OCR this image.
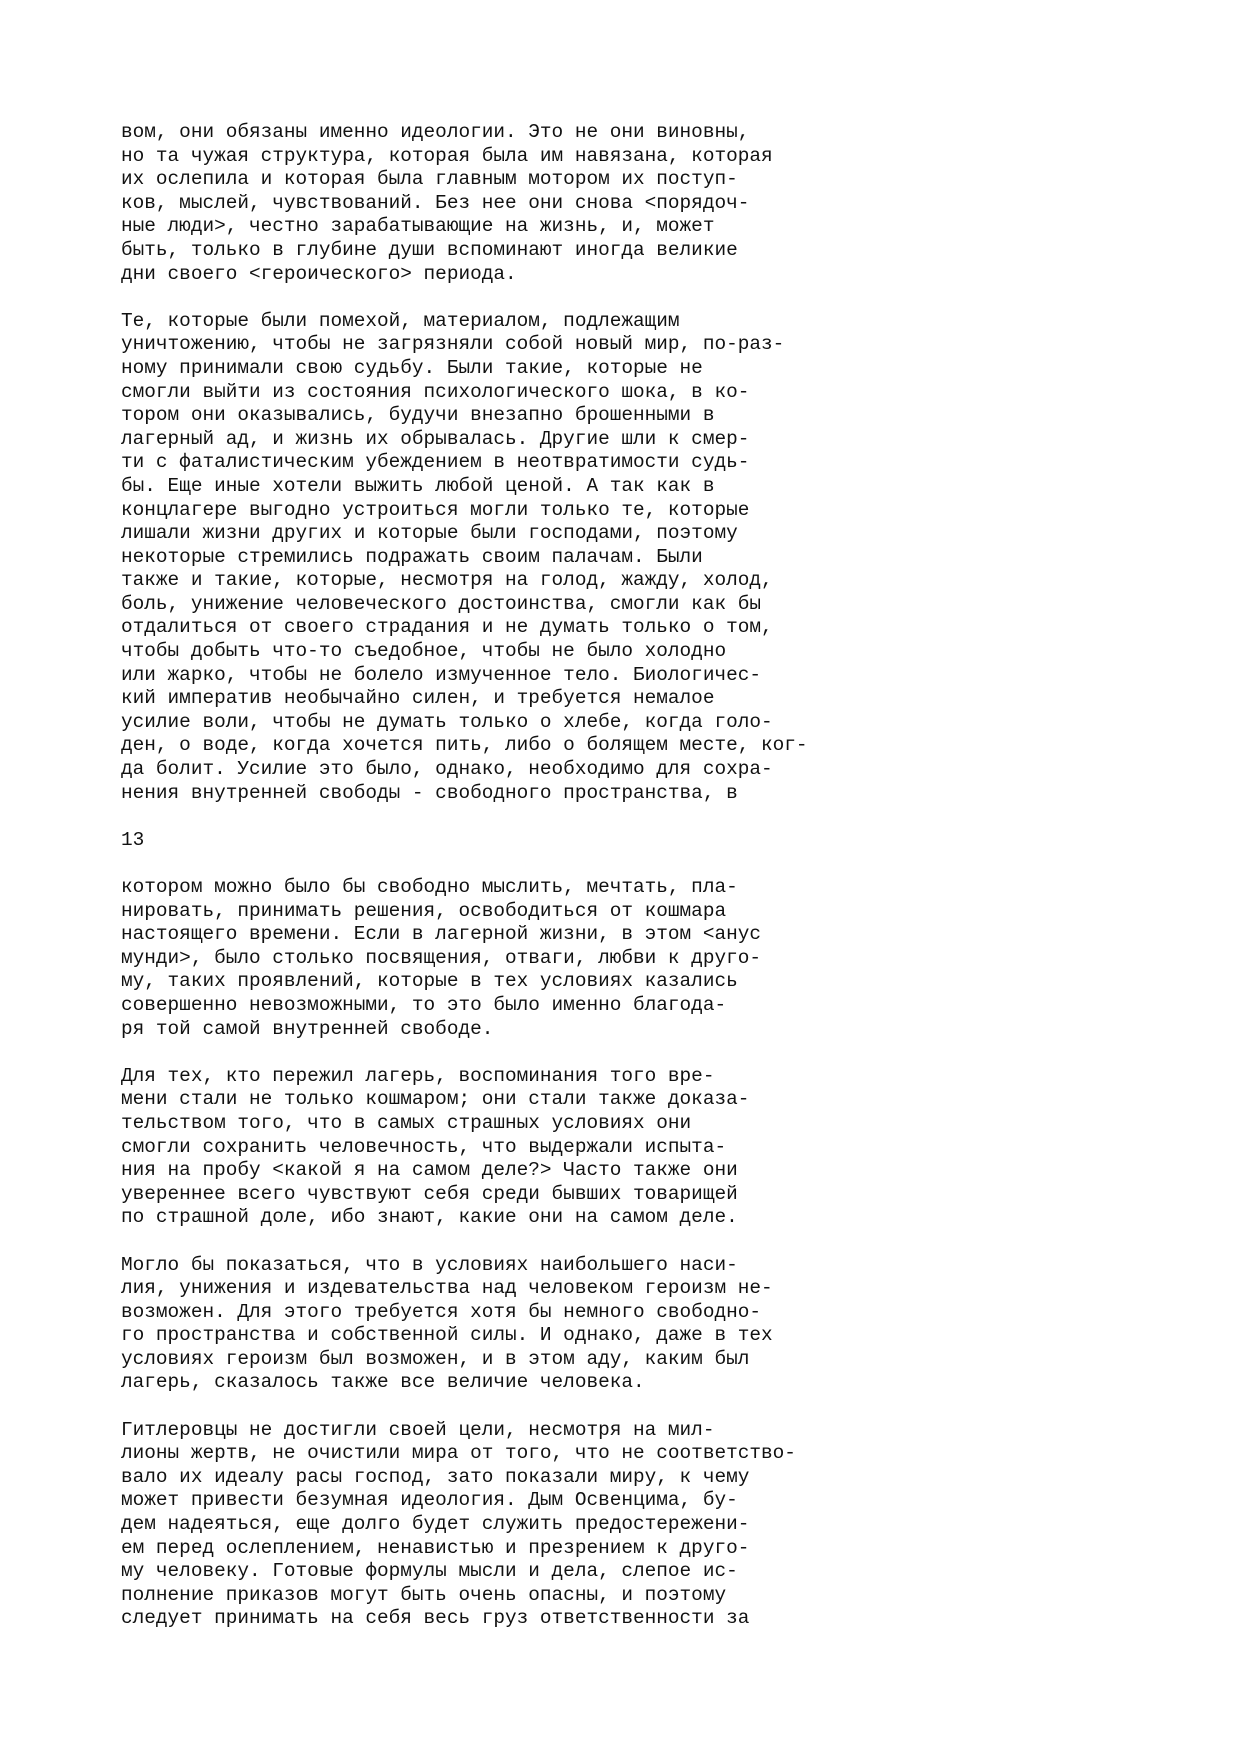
вом, они обязаны именно идеологии. Это не они виновны,
но та чужая структура, которая была им навязана, которая
их ослепила и которая была главным мотором их поступ-
ков, мыслей, чувствований. Без нее они снова <порядоч-
ные люди>, честно зарабатывающие на жизнь, и, может
быть, только в глубине души вспоминают иногда великие
дни своего <героического> периода.
Те, которые были помехой, материалом, подлежащим
уничтожению, чтобы не загрязняли собой новый мир, по-раз-
ному принимали свою судьбу. Были такие, которые не
смогли выйти из состояния психологического шока, в ко-
тором они оказывались, будучи внезапно брошенными в
лагерный ад, и жизнь их обрывалась. Другие шли к смер-
ти с фаталистическим убеждением в неотвратимости судь-
бы. Еще иные хотели выжить любой ценой. А так как в
концлагере выгодно устроиться могли только те, которые
лишали жизни других и которые были господами, поэтому
некоторые стремились подражать своим палачам. Были
также и такие, которые, несмотря на голод, жажду, холод,
боль, унижение человеческого достоинства, смогли как бы
отдалиться от своего страдания и не думать только о том,
чтобы добыть что-то съедобное, чтобы не было холодно
или жарко, чтобы не болело измученное тело. Биологичес-
кий императив необычайно силен, и требуется немалое
усилие воли, чтобы не думать только о хлебе, когда голо-
ден, о воде, когда хочется пить, либо о болящем месте, ког-
да болит. Усилие это было, однако, необходимо для сохра-
нения внутренней свободы - свободного пространства, в
13
котором можно было бы свободно мыслить, мечтать, пла-
нировать, принимать решения, освободиться от кошмара
настоящего времени. Если в лагерной жизни, в этом <анус
мунди>, было столько посвящения, отваги, любви к друго-
му, таких проявлений, которые в тех условиях казались
совершенно невозможными, то это было именно благода-
ря той самой внутренней свободе.
Для тех, кто пережил лагерь, воспоминания того вре-
мени стали не только кошмаром; они стали также доказа-
тельством того, что в самых страшных условиях они
смогли сохранить человечность, что выдержали испыта-
ния на пробу <какой я на самом деле?> Часто также они
увереннее всего чувствуют себя среди бывших товарищей
по страшной доле, ибо знают, какие они на самом деле.
Могло бы показаться, что в условиях наибольшего наси-
лия, унижения и издевательства над человеком героизм не-
возможен. Для этого требуется хотя бы немного свободно-
го пространства и собственной силы. И однако, даже в тех
условиях героизм был возможен, и в этом аду, каким был
лагерь, сказалось также все величие человека.
Гитлеровцы не достигли своей цели, несмотря на мил-
лионы жертв, не очистили мира от того, что не соответство-
вало их идеалу расы господ, зато показали миру, к чему
может привести безумная идеология. Дым Освенцима, бу-
дем надеяться, еще долго будет служить предостережени-
ем перед ослеплением, ненавистью и презрением к друго-
му человеку. Готовые формулы мысли и дела, слепое ис-
полнение приказов могут быть очень опасны, и поэтому
следует принимать на себя весь груз ответственности за
